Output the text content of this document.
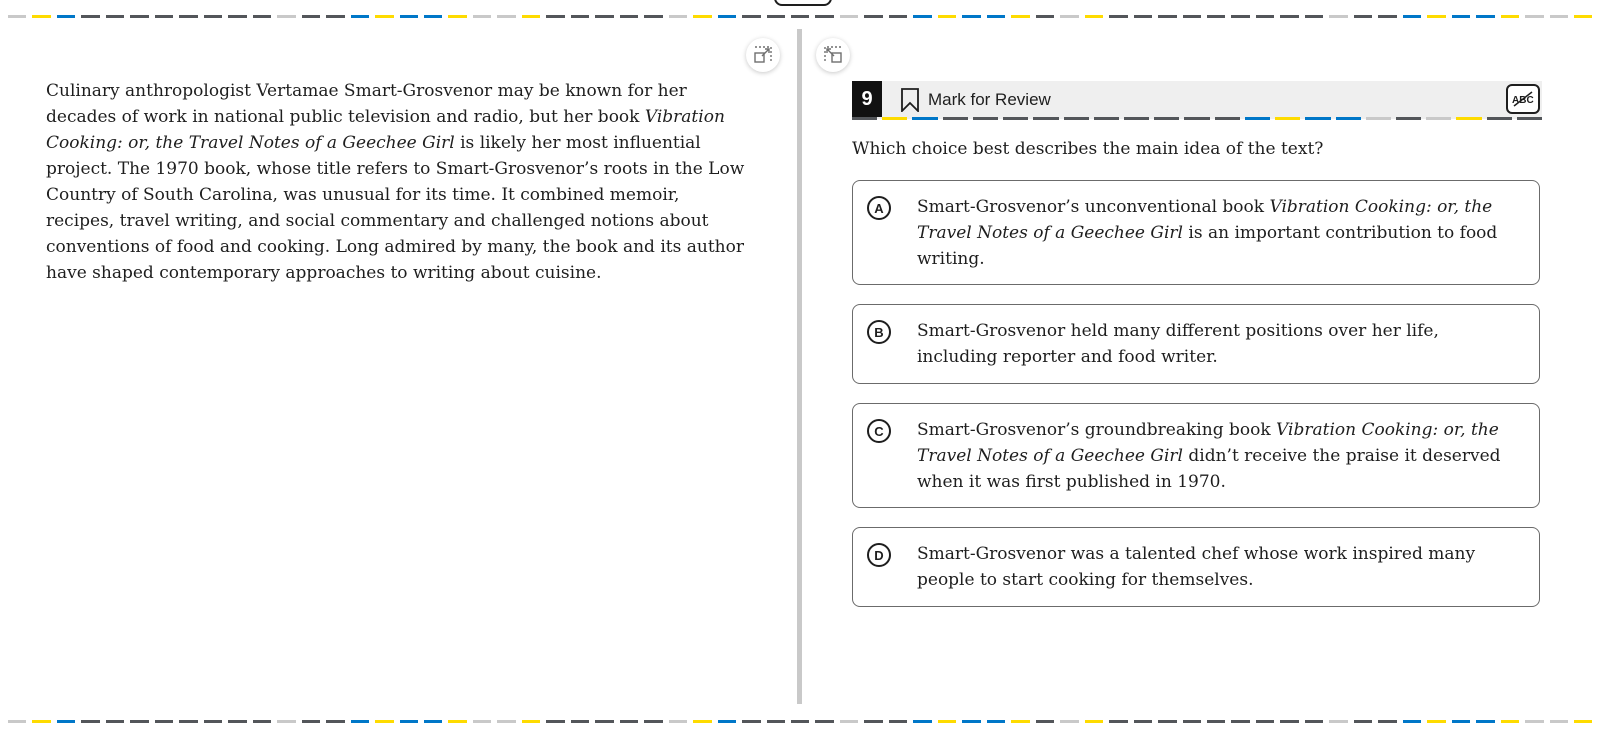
Culinary anthropologist Vertamae Smart-Grosvenor may be known for her decades of work in national public television and radio, but her book Vibration Cooking: or, the Travel Notes of a Geechee Girl is likely her most influential project. The 1970 book, whose title refers to Smart-Grosvenor’s roots in the Low Country of South Carolina, was unusual for its time. It combined memoir, recipes, travel writing, and social commentary and challenged notions about conventions of food and cooking. Long admired by many, the book and its author have shaped contemporary approaches to writing about cuisine.
9	Mark for Review	ABC
Which choice best describes the main idea of the text?
A	Smart-Grosvenor’s unconventional book Vibration Cooking: or, the Travel Notes of a Geechee Girl is an important contribution to food writing.
B	Smart-Grosvenor held many different positions over her life, including reporter and food writer.
C	Smart-Grosvenor’s groundbreaking book Vibration Cooking: or, the Travel Notes of a Geechee Girl didn’t receive the praise it deserved when it was first published in 1970.
D	Smart-Grosvenor was a talented chef whose work inspired many people to start cooking for themselves.
